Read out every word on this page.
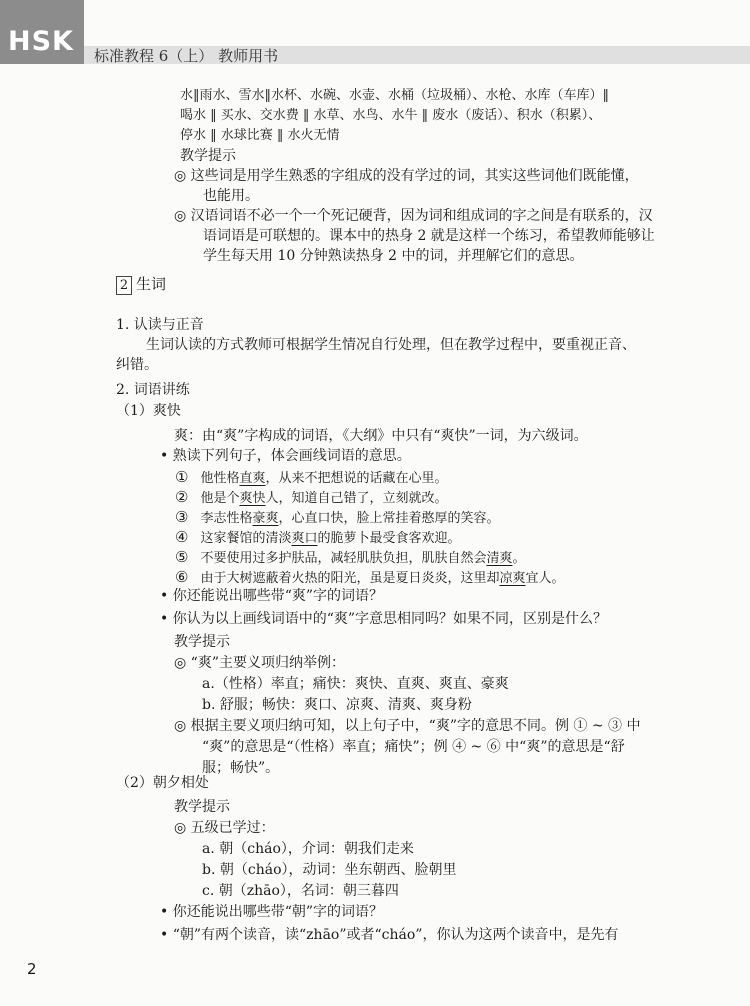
HSK 标准教程 6（上） 教师用书
水‖雨水、雪水‖水杯、水碗、水壶、水桶（垃圾桶）、水枪、水库（车库）‖
喝水 ‖ 买水、交水费 ‖ 水草、水鸟、水牛 ‖ 废水（废话）、积水（积累）、
停水 ‖ 水球比赛 ‖ 水火无情
教学提示
◎ 这些词是用学生熟悉的字组成的没有学过的词，其实这些词他们既能懂，
也能用。
◎ 汉语词语不必一个一个死记硬背，因为词和组成词的字之间是有联系的，汉
语词语是可联想的。课本中的热身 2 就是这样一个练习，希望教师能够让
学生每天用 10 分钟熟读热身 2 中的词，并理解它们的意思。
2 生词
1. 认读与正音
生词认读的方式教师可根据学生情况自行处理，但在教学过程中，要重视正音、
纠错。
2. 词语讲练
（1）爽快
爽：由“爽”字构成的词语，《大纲》中只有“爽快”一词，为六级词。
• 熟读下列句子，体会画线词语的意思。
① 他性格直爽，从来不把想说的话藏在心里。
② 他是个爽快人，知道自己错了，立刻就改。
③ 李志性格豪爽，心直口快，脸上常挂着憨厚的笑容。
④ 这家餐馆的清淡爽口的脆萝卜最受食客欢迎。
⑤ 不要使用过多护肤品，减轻肌肤负担，肌肤自然会清爽。
⑥ 由于大树遮蔽着火热的阳光，虽是夏日炎炎，这里却凉爽宜人。
• 你还能说出哪些带“爽”字的词语？
• 你认为以上画线词语中的“爽”字意思相同吗？如果不同，区别是什么？
教学提示
◎ “爽”主要义项归纳举例：
a.（性格）率直；痛快：爽快、直爽、爽直、豪爽
b. 舒服；畅快：爽口、凉爽、清爽、爽身粉
◎ 根据主要义项归纳可知，以上句子中，“爽”字的意思不同。例 ① ~ ③ 中
“爽”的意思是“（性格）率直；痛快”；例 ④ ~ ⑥ 中“爽”的意思是“舒
服；畅快”。
（2）朝夕相处
教学提示
◎ 五级已学过：
a. 朝（cháo），介词：朝我们走来
b. 朝（cháo），动词：坐东朝西、脸朝里
c. 朝（zhāo），名词：朝三暮四
• 你还能说出哪些带“朝”字的词语？
• “朝”有两个读音，读“zhāo”或者“cháo”，你认为这两个读音中，是先有
2
